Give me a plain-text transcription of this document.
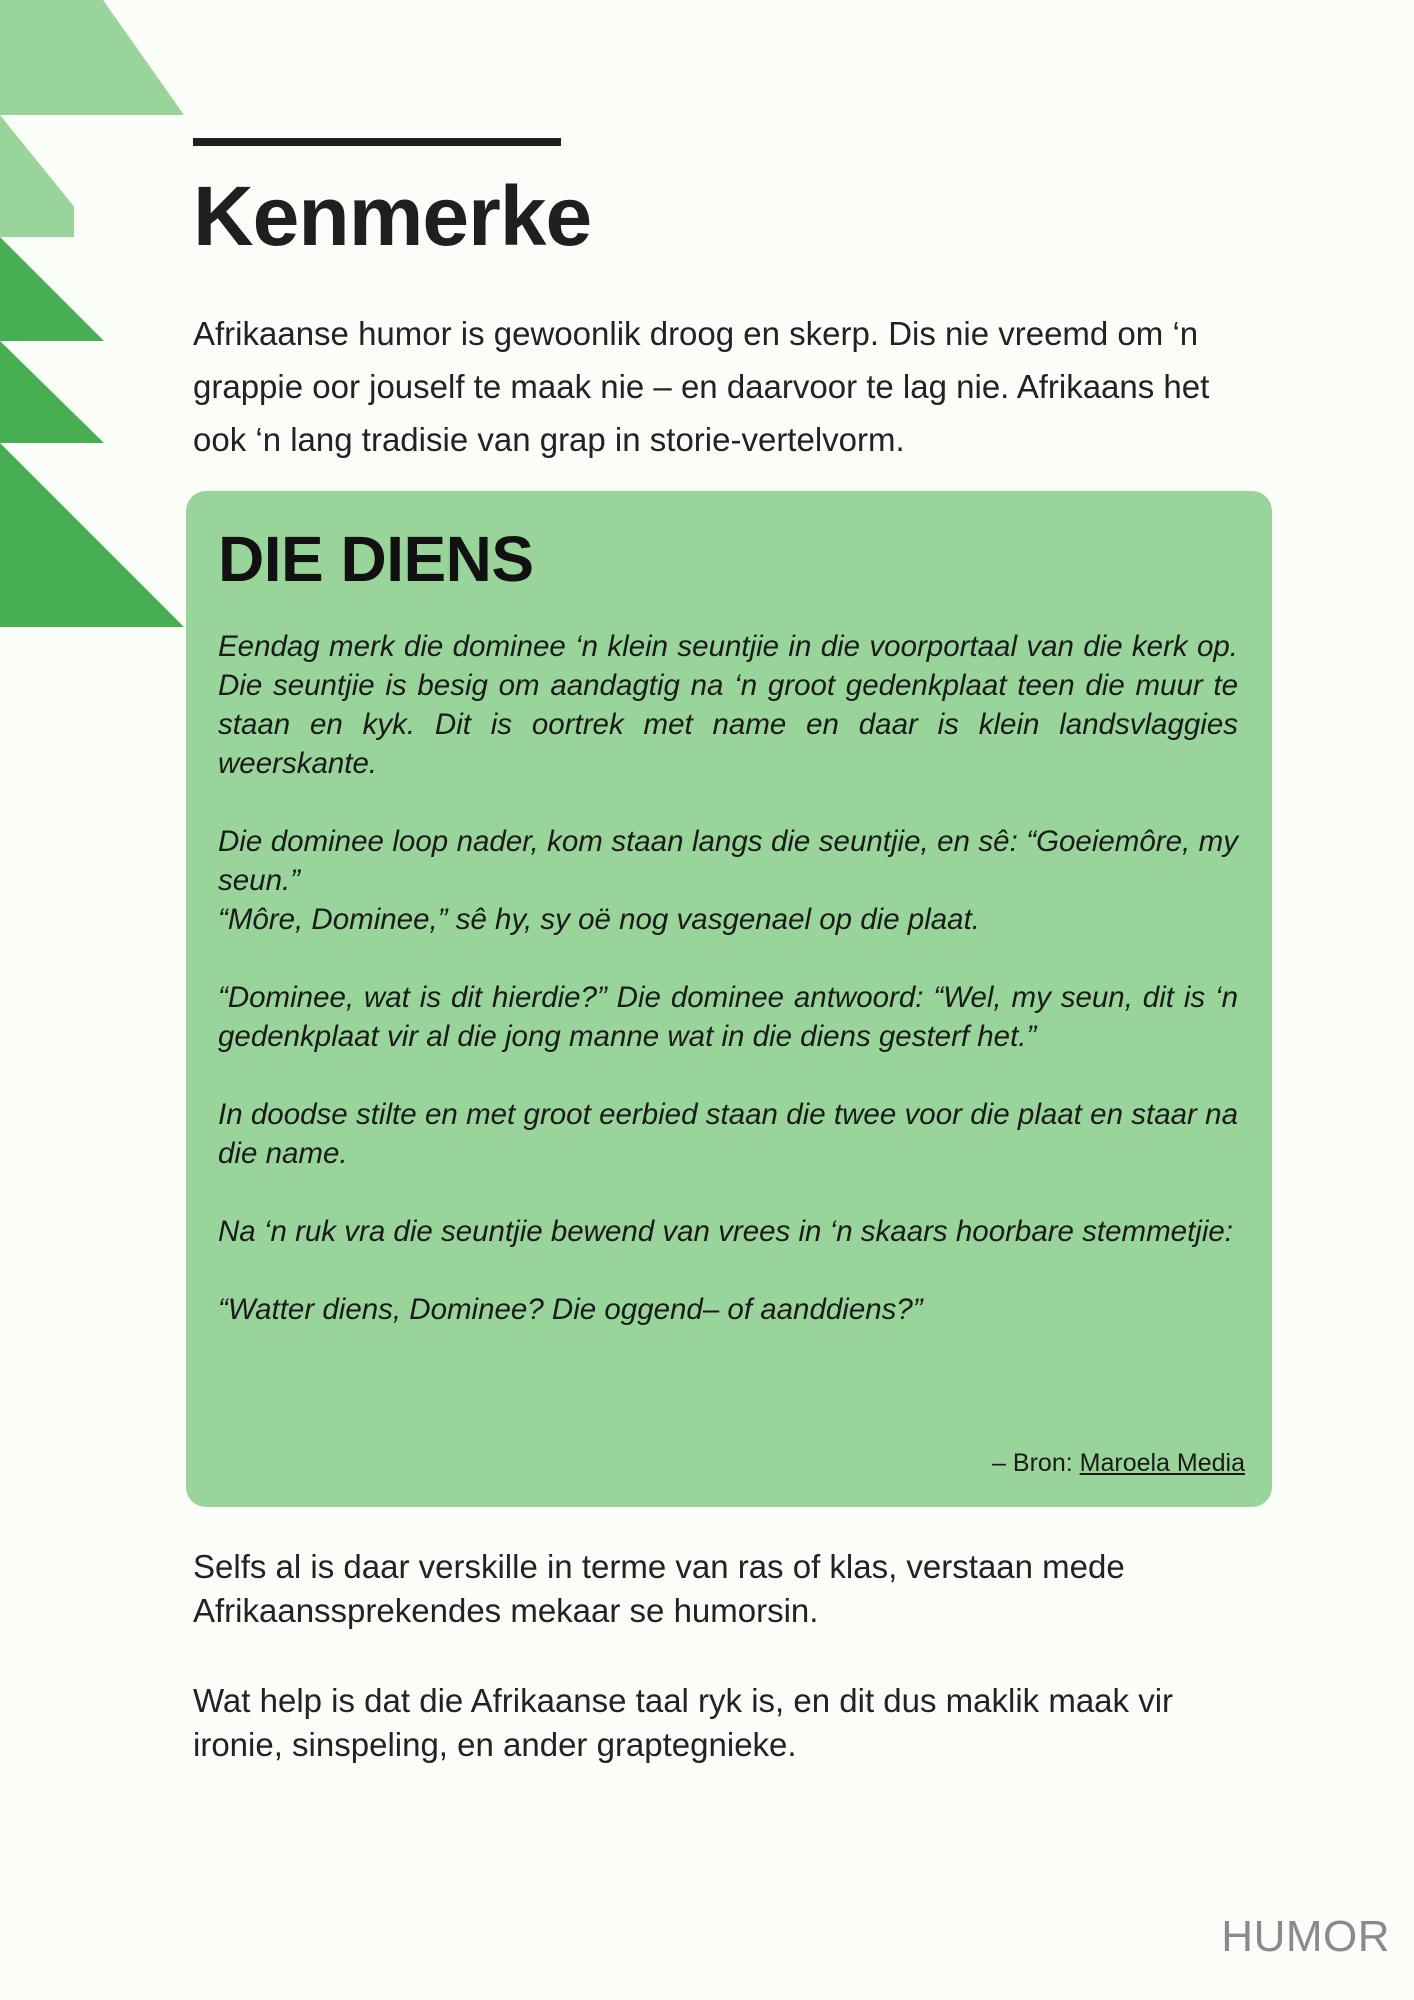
Kenmerke

Afrikaanse humor is gewoonlik droog en skerp. Dis nie vreemd om ‘n grappie oor jouself te maak nie – en daarvoor te lag nie. Afrikaans het ook ‘n lang tradisie van grap in storie-vertelvorm.

DIE DIENS

Eendag merk die dominee ‘n klein seuntjie in die voorportaal van die kerk op. Die seuntjie is besig om aandagtig na ‘n groot gedenkplaat teen die muur te staan en kyk. Dit is oortrek met name en daar is klein landsvlaggies weerskante.

Die dominee loop nader, kom staan langs die seuntjie, en sê: “Goeiemôre, my seun.”
“Môre, Dominee,” sê hy, sy oë nog vasgenael op die plaat.

“Dominee, wat is dit hierdie?” Die dominee antwoord: “Wel, my seun, dit is ‘n gedenkplaat vir al die jong manne wat in die diens gesterf het.”

In doodse stilte en met groot eerbied staan die twee voor die plaat en staar na die name.

Na ‘n ruk vra die seuntjie bewend van vrees in ‘n skaars hoorbare stemmetjie:

“Watter diens, Dominee? Die oggend– of aanddiens?”

– Bron: Maroela Media

Selfs al is daar verskille in terme van ras of klas, verstaan mede Afrikaanssprekendes mekaar se humorsin.

Wat help is dat die Afrikaanse taal ryk is, en dit dus maklik maak vir ironie, sinspeling, en ander graptegnieke.

HUMOR
